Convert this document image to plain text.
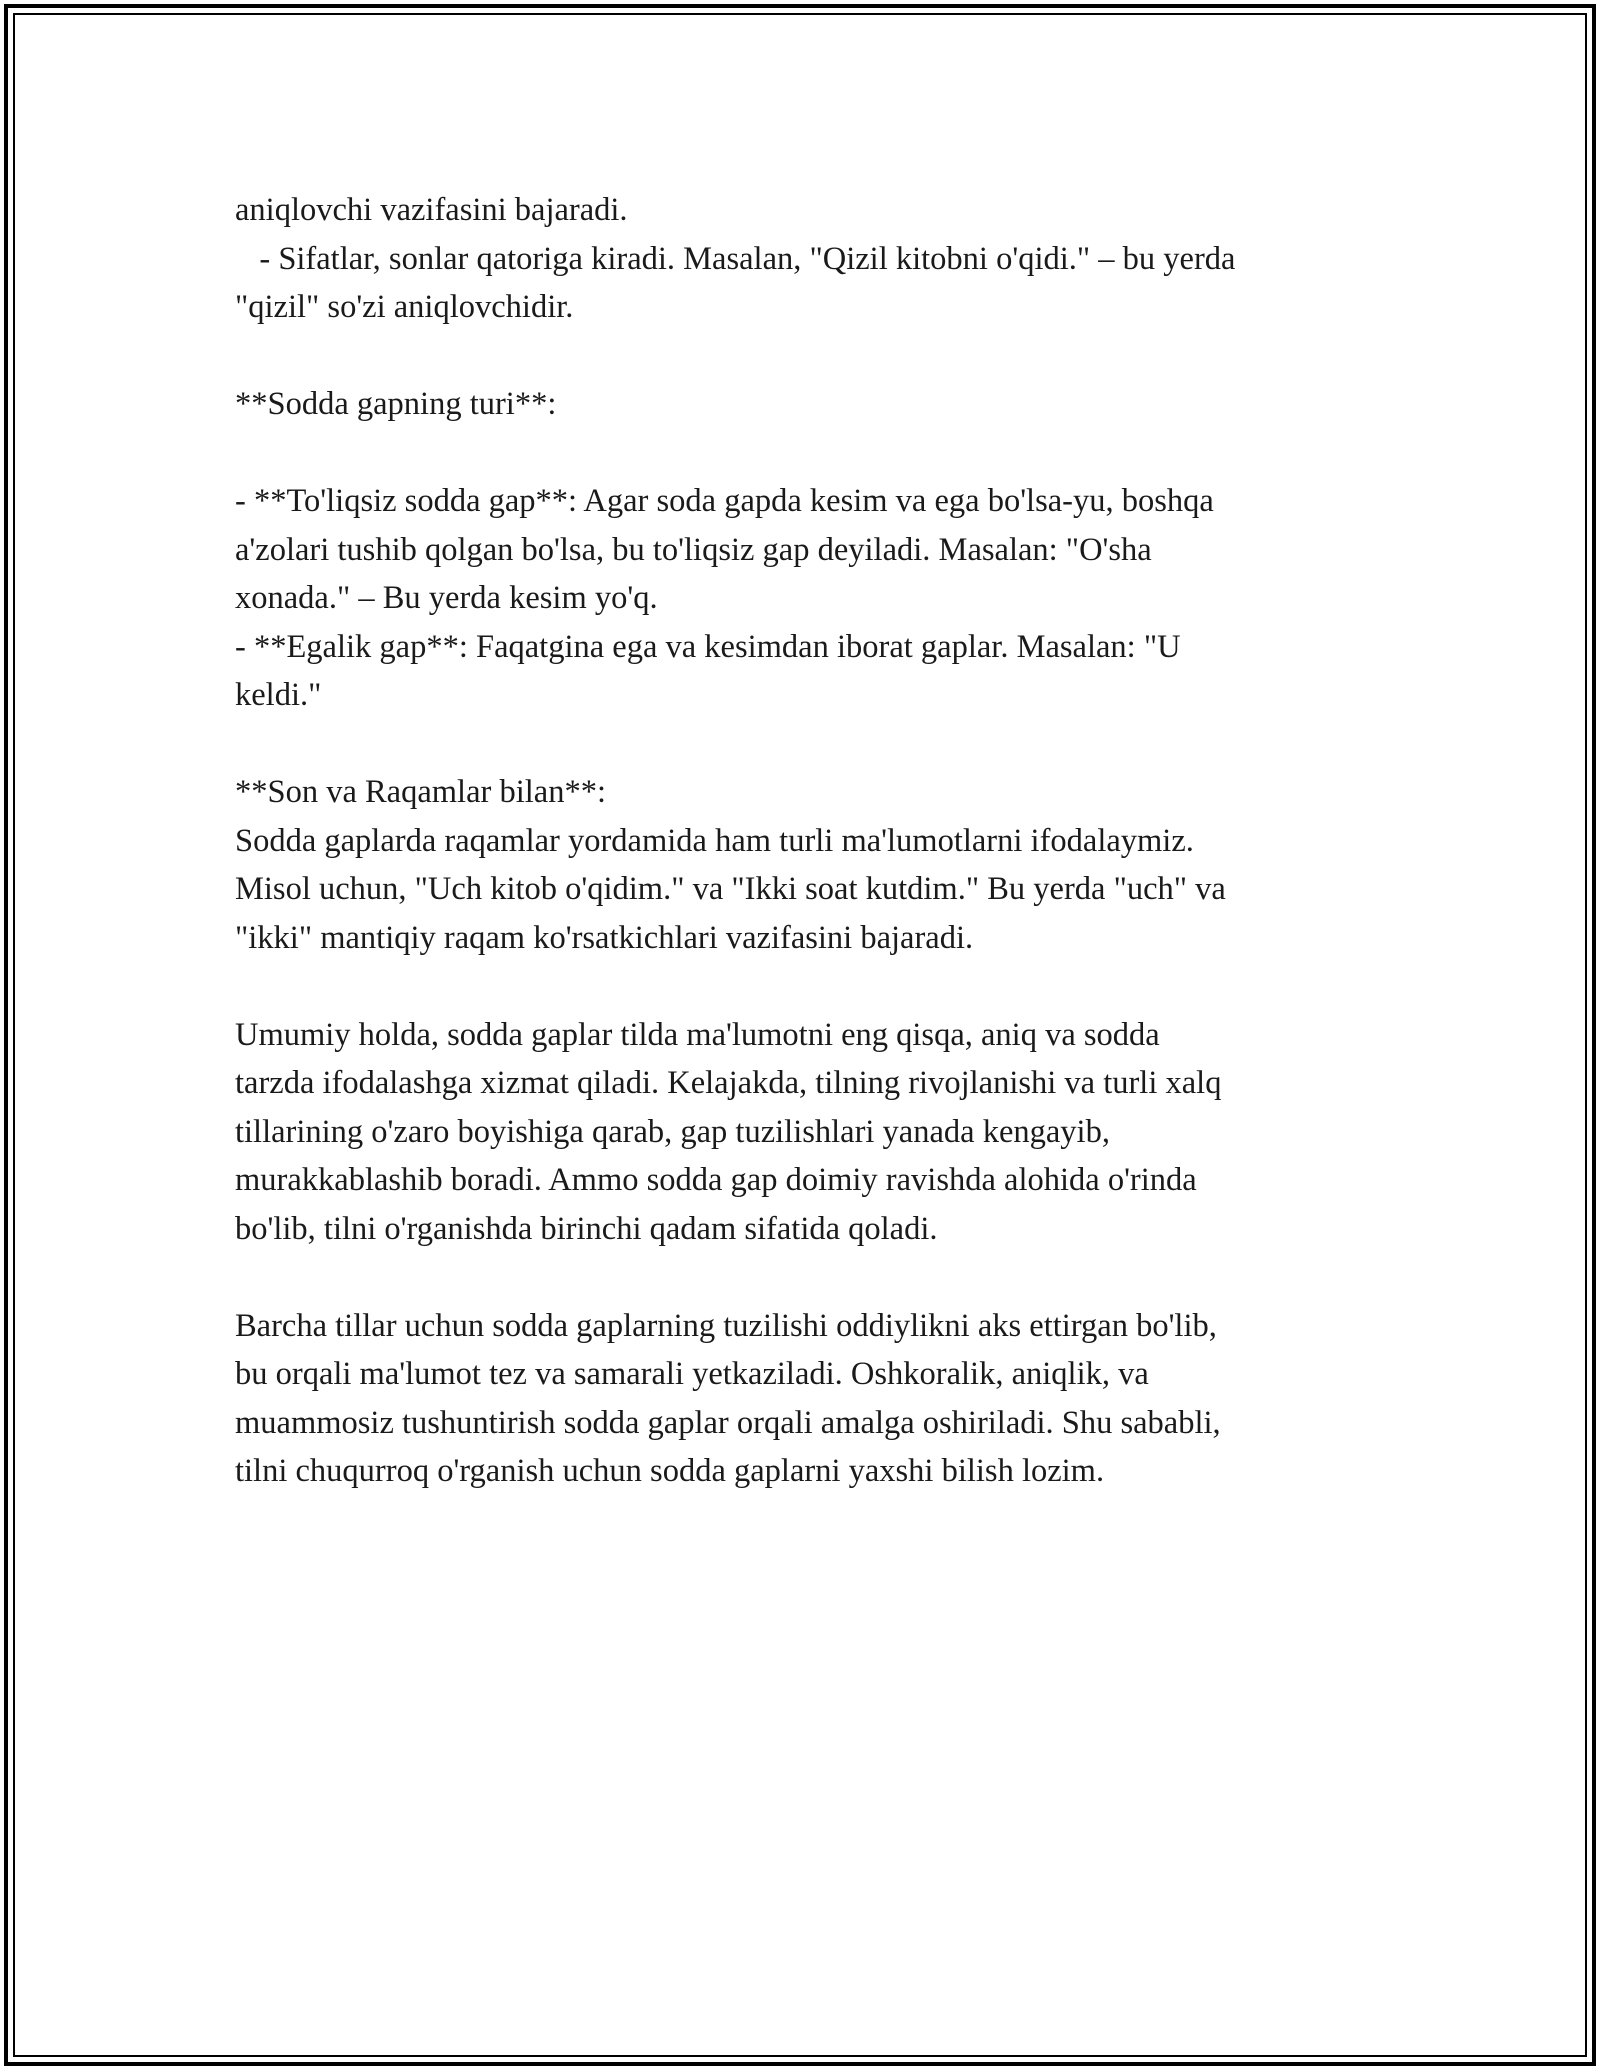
aniqlovchi vazifasini bajaradi.
- Sifatlar, sonlar qatoriga kiradi. Masalan, "Qizil kitobni o'qidi." – bu yerda
"qizil" so'zi aniqlovchidir.
**Sodda gapning turi**:
- **To'liqsiz sodda gap**: Agar soda gapda kesim va ega bo'lsa-yu, boshqa
a'zolari tushib qolgan bo'lsa, bu to'liqsiz gap deyiladi. Masalan: "O'sha
xonada." – Bu yerda kesim yo'q.
- **Egalik gap**: Faqatgina ega va kesimdan iborat gaplar. Masalan: "U
keldi."
**Son va Raqamlar bilan**:
Sodda gaplarda raqamlar yordamida ham turli ma'lumotlarni ifodalaymiz.
Misol uchun, "Uch kitob o'qidim." va "Ikki soat kutdim." Bu yerda "uch" va
"ikki" mantiqiy raqam ko'rsatkichlari vazifasini bajaradi.
Umumiy holda, sodda gaplar tilda ma'lumotni eng qisqa, aniq va sodda
tarzda ifodalashga xizmat qiladi. Kelajakda, tilning rivojlanishi va turli xalq
tillarining o'zaro boyishiga qarab, gap tuzilishlari yanada kengayib,
murakkablashib boradi. Ammo sodda gap doimiy ravishda alohida o'rinda
bo'lib, tilni o'rganishda birinchi qadam sifatida qoladi.
Barcha tillar uchun sodda gaplarning tuzilishi oddiylikni aks ettirgan bo'lib,
bu orqali ma'lumot tez va samarali yetkaziladi. Oshkoralik, aniqlik, va
muammosiz tushuntirish sodda gaplar orqali amalga oshiriladi. Shu sababli,
tilni chuqurroq o'rganish uchun sodda gaplarni yaxshi bilish lozim.
